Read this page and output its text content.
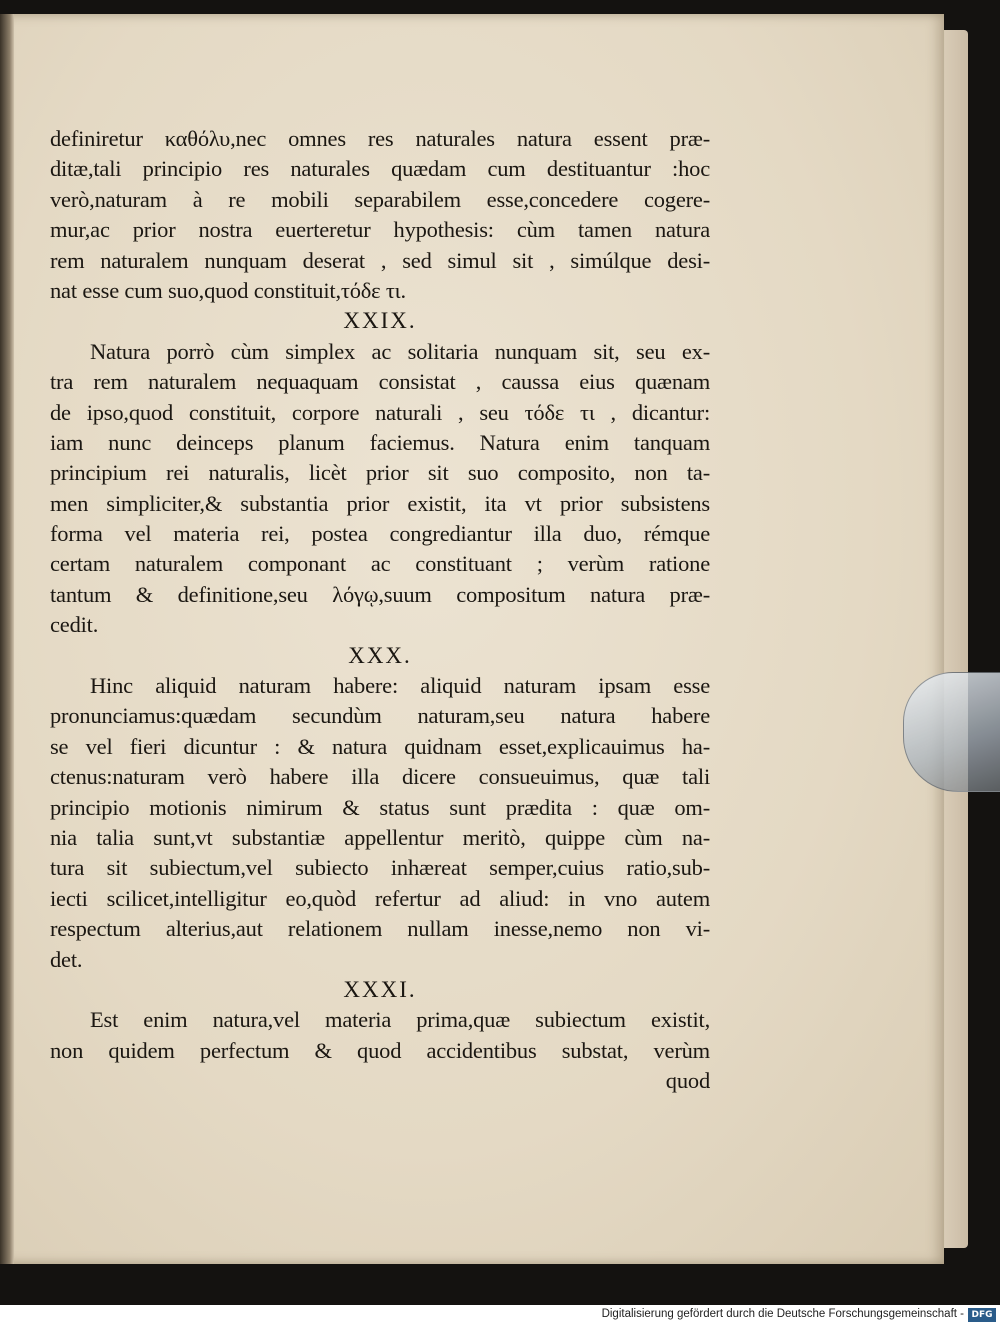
definiretur καθόλυ,nec omnes res naturales natura essent præ-
ditæ,tali principio res naturales quædam cum destituantur :hoc
verò,naturam à re mobili separabilem esse,concedere cogere-
mur,ac prior nostra euerteretur hypothesis: cùm tamen natura
rem naturalem nunquam deserat , sed simul sit , simúlque desi-
nat esse cum suo,quod constituit,τόδε τι.
XXIX.
Natura porrò cùm simplex ac solitaria nunquam sit, seu ex-
tra rem naturalem nequaquam consistat , caussa eius quænam
de ipso,quod constituit, corpore naturali , seu τόδε τι , dicantur:
iam nunc deinceps planum faciemus. Natura enim tanquam
principium rei naturalis, licèt prior sit suo composito, non ta-
men simpliciter,& substantia prior existit, ita vt prior subsistens
forma vel materia rei, postea congrediantur illa duo, rémque
certam naturalem componant ac constituant ; verùm ratione
tantum & definitione,seu λόγῳ,suum compositum natura præ-
cedit.
XXX.
Hinc aliquid naturam habere: aliquid naturam ipsam esse
pronunciamus:quædam secundùm naturam,seu natura habere
se vel fieri dicuntur : & natura quidnam esset,explicauimus ha-
ctenus:naturam verò habere illa dicere consueuimus, quæ tali
principio motionis nimirum & status sunt prædita : quæ om-
nia talia sunt,vt substantiæ appellentur meritò, quippe cùm na-
tura sit subiectum,vel subiecto inhæreat semper,cuius ratio,sub-
iecti scilicet,intelligitur eo,quòd refertur ad aliud: in vno autem
respectum alterius,aut relationem nullam inesse,nemo non vi-
det.
XXXI.
Est enim natura,vel materia prima,quæ subiectum existit,
non quidem perfectum & quod accidentibus substat, verùm
quod
Digitalisierung gefördert durch die Deutsche Forschungsgemeinschaft - DFG
